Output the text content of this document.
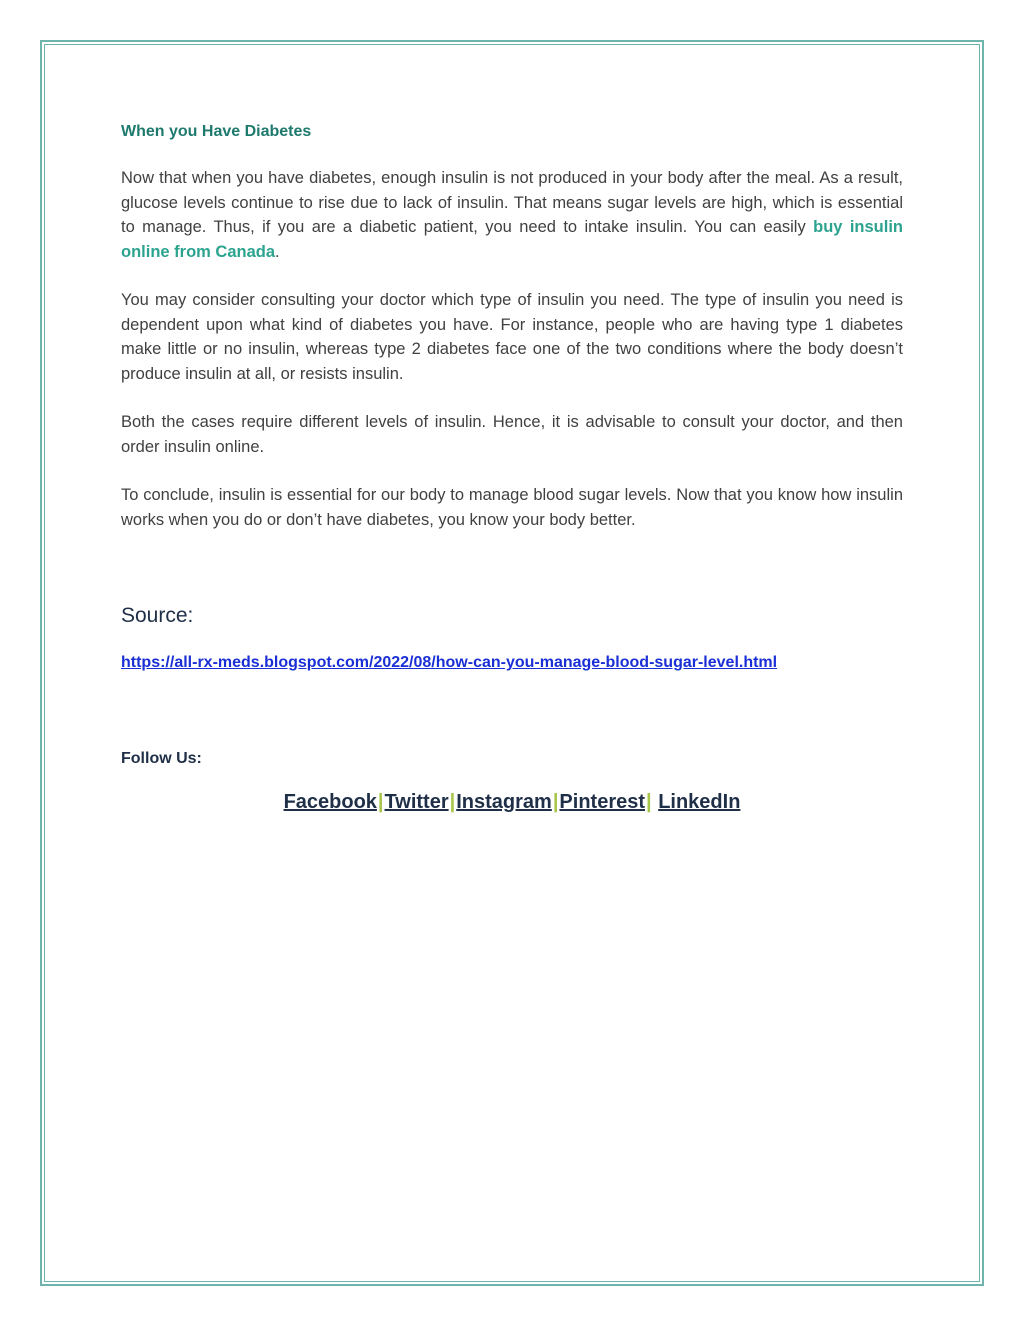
When you Have Diabetes

Now that when you have diabetes, enough insulin is not produced in your body after the meal. As a result, glucose levels continue to rise due to lack of insulin. That means sugar levels are high, which is essential to manage. Thus, if you are a diabetic patient, you need to intake insulin. You can easily buy insulin online from Canada.

You may consider consulting your doctor which type of insulin you need. The type of insulin you need is dependent upon what kind of diabetes you have. For instance, people who are having type 1 diabetes make little or no insulin, whereas type 2 diabetes face one of the two conditions where the body doesn’t produce insulin at all, or resists insulin.

Both the cases require different levels of insulin. Hence, it is advisable to consult your doctor, and then order insulin online.

To conclude, insulin is essential for our body to manage blood sugar levels. Now that you know how insulin works when you do or don’t have diabetes, you know your body better.

Source:
https://all-rx-meds.blogspot.com/2022/08/how-can-you-manage-blood-sugar-level.html
Follow Us:
Facebook|Twitter|Instagram|Pinterest| LinkedIn
